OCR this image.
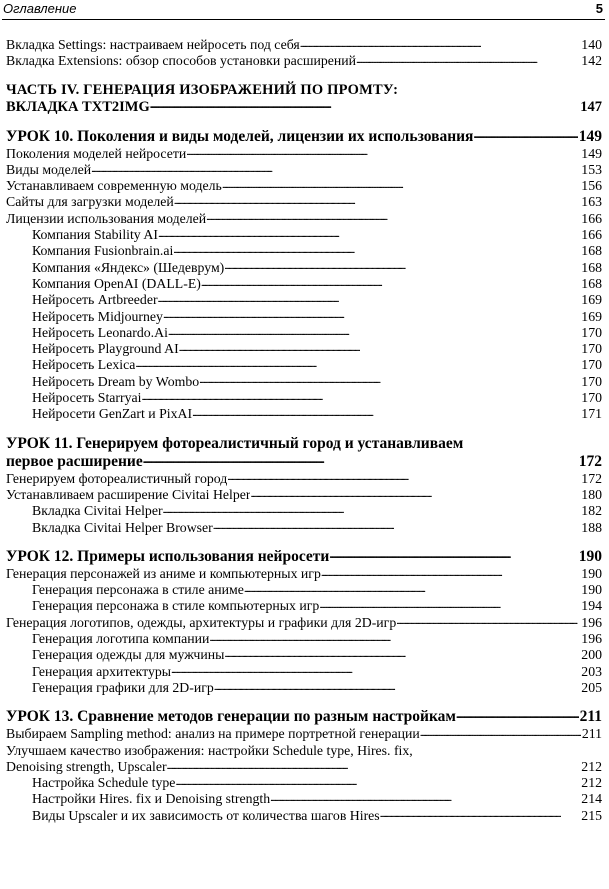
Оглавление	5
Вкладка Settings: настраиваем нейросеть под себя . . .	140
Вкладка Extensions: обзор способов установки расширений . . .	142
ЧАСТЬ IV. ГЕНЕРАЦИЯ ИЗОБРАЖЕНИЙ ПО ПРОМТУ:
ВКЛАДКА TXT2IMG . . .	147
УРОК 10. Поколения и виды моделей, лицензии их использования . . .	149
Поколения моделей нейросети . . .	149
Виды моделей . . .	153
Устанавливаем современную модель . . .	156
Сайты для загрузки моделей . . .	163
Лицензии использования моделей . . .	166
Компания Stability AI . . .	166
Компания Fusionbrain.ai . . .	168
Компания «Яндекс» (Шедеврум) . . .	168
Компания OpenAI (DALL-E) . . .	168
Нейросеть Artbreeder . . .	169
Нейросеть Midjourney . . .	169
Нейросеть Leonardo.Ai . . .	170
Нейросеть Playground AI . . .	170
Нейросеть Lexica . . .	170
Нейросеть Dream by Wombo . . .	170
Нейросеть Starryai . . .	170
Нейросети GenZart и PixAI . . .	171
УРОК 11. Генерируем фотореалистичный город и устанавливаем
первое расширение . . .	172
Генерируем фотореалистичный город . . .	172
Устанавливаем расширение Civitai Helper . . .	180
Вкладка Civitai Helper . . .	182
Вкладка Civitai Helper Browser . . .	188
УРОК 12. Примеры использования нейросети . . .	190
Генерация персонажей из аниме и компьютерных игр . . .	190
Генерация персонажа в стиле аниме . . .	190
Генерация персонажа в стиле компьютерных игр . . .	194
Генерация логотипов, одежды, архитектуры и графики для 2D-игр . . .	196
Генерация логотипа компании . . .	196
Генерация одежды для мужчины . . .	200
Генерация архитектуры . . .	203
Генерация графики для 2D-игр . . .	205
УРОК 13. Сравнение методов генерации по разным настройкам . . .	211
Выбираем Sampling method: анализ на примере портретной генерации . . .	211
Улучшаем качество изображения: настройки Schedule type, Hires. fix,
Denoising strength, Upscaler . . .	212
Настройка Schedule type . . .	212
Настройки Hires. fix и Denoising strength . . .	214
Виды Upscaler и их зависимость от количества шагов Hires . . .	215
